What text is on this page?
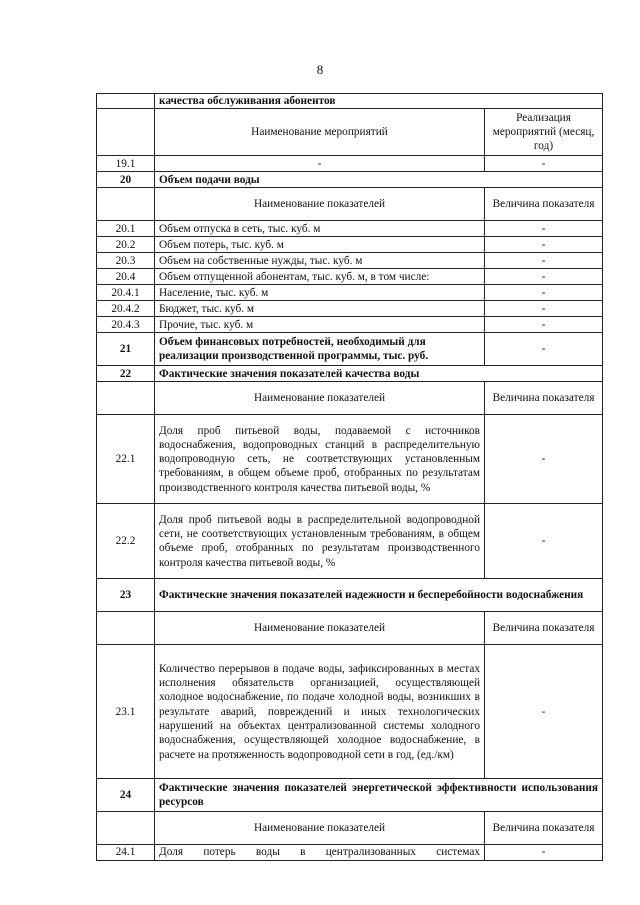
8
	качества обслуживания абонентов	
	Наименование мероприятий	Реализация мероприятий (месяц, год)
19.1	-	-
20	Объем подачи воды	
	Наименование показателей	Величина показателя
20.1	Объем отпуска в сеть, тыс. куб. м	-
20.2	Объем потерь, тыс. куб. м	-
20.3	Объем на собственные нужды, тыс. куб. м	-
20.4	Объем отпущенной абонентам, тыс. куб. м, в том числе:	-
20.4.1	Население, тыс. куб. м	-
20.4.2	Бюджет, тыс. куб. м	-
20.4.3	Прочие, тыс. куб. м	-
21	Объем финансовых потребностей, необходимый для реализации производственной программы, тыс. руб.	-
22	Фактические значения показателей качества воды	
	Наименование показателей	Величина показателя
22.1	Доля проб питьевой воды, подаваемой с источников водоснабжения, водопроводных станций в распределительную водопроводную сеть, не соответствующих установленным требованиям, в общем объеме проб, отобранных по результатам производственного контроля качества питьевой воды, %	-
22.2	Доля проб питьевой воды в распределительной водопроводной сети, не соответствующих установленным требованиям, в общем объеме проб, отобранных по результатам производственного контроля качества питьевой воды, %	-
23	Фактические значения показателей надежности и бесперебойности водоснабжения	
	Наименование показателей	Величина показателя
23.1	Количество перерывов в подаче воды, зафиксированных в местах исполнения обязательств организацией, осуществляющей холодное водоснабжение, по подаче холодной воды, возникших в результате аварий, повреждений и иных технологических нарушений на объектах централизованной системы холодного водоснабжения, осуществляющей холодное водоснабжение, в расчете на протяженность водопроводной сети в год, (ед./км)	-
24	Фактические значения показателей энергетической эффективности использования ресурсов	
	Наименование показателей	Величина показателя
24.1	Доля потерь воды в централизованных системах	-
